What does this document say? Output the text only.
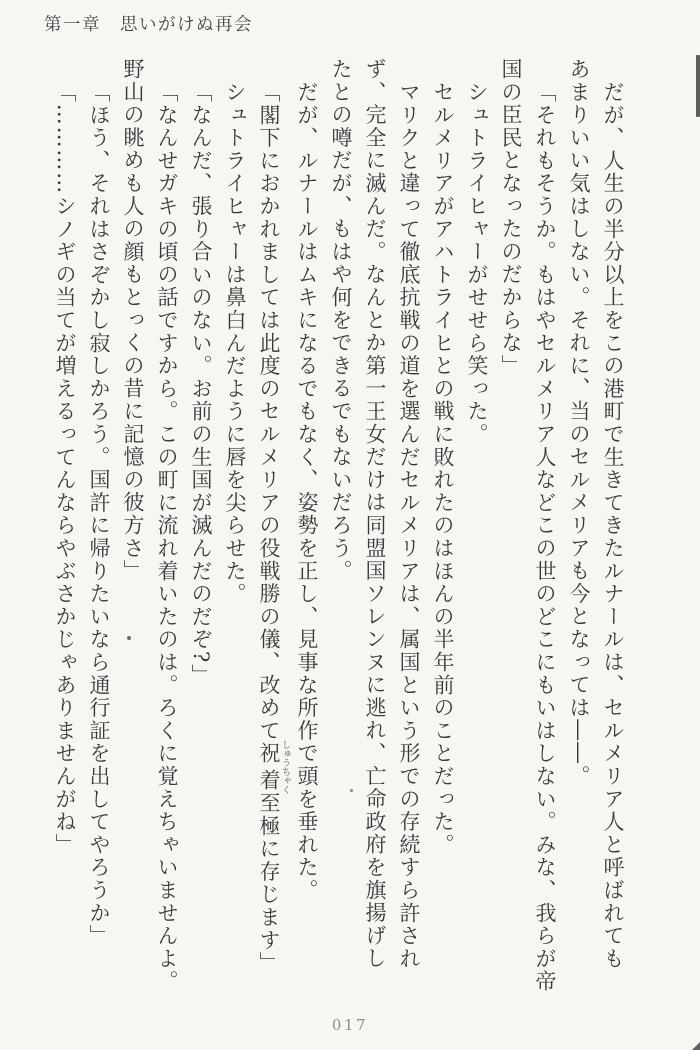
第一章　思いがけぬ再会
だが、人生の半分以上をこの港町で生きてきたルナールは、セルメリア人と呼ばれても
あまりいい気はしない。それに、当のセルメリアも今となっては――。
「それもそうか。もはやセルメリア人などこの世のどこにもいはしない。みな、我らが帝
国の臣民となったのだからな」
シュトライヒャーがせせら笑った。
セルメリアがアハトライヒとの戦に敗れたのはほんの半年前のことだった。
マリクと違って徹底抗戦の道を選んだセルメリアは、属国という形での存続すら許され
ず、完全に滅んだ。なんとか第一王女だけは同盟国ソレンヌに逃れ、亡命政府を旗揚げし
たとの噂だが、もはや何をできるでもないだろう。
だが、ルナールはムキになるでもなく、姿勢を正し、見事な所作で頭を垂れた。
「閣下におかれましては此度のセルメリアの役戦勝の儀、改めて祝着 しゅうちゃく至極に存じます」
シュトライヒャーは鼻白んだように唇を尖らせた。
「なんだ、張り合いのない。お前の生国が滅んだのだぞ?」
「なんせガキの頃の話ですから。この町に流れ着いたのは。ろくに覚えちゃいませんよ。
野山の眺めも人の顔もとっくの昔に記憶の彼方さ」
「ほう、それはさぞかし寂しかろう。国許に帰りたいなら通行証を出してやろうか」
「…………シノギの当てが増えるってんならやぶさかじゃありませんがね」
017
